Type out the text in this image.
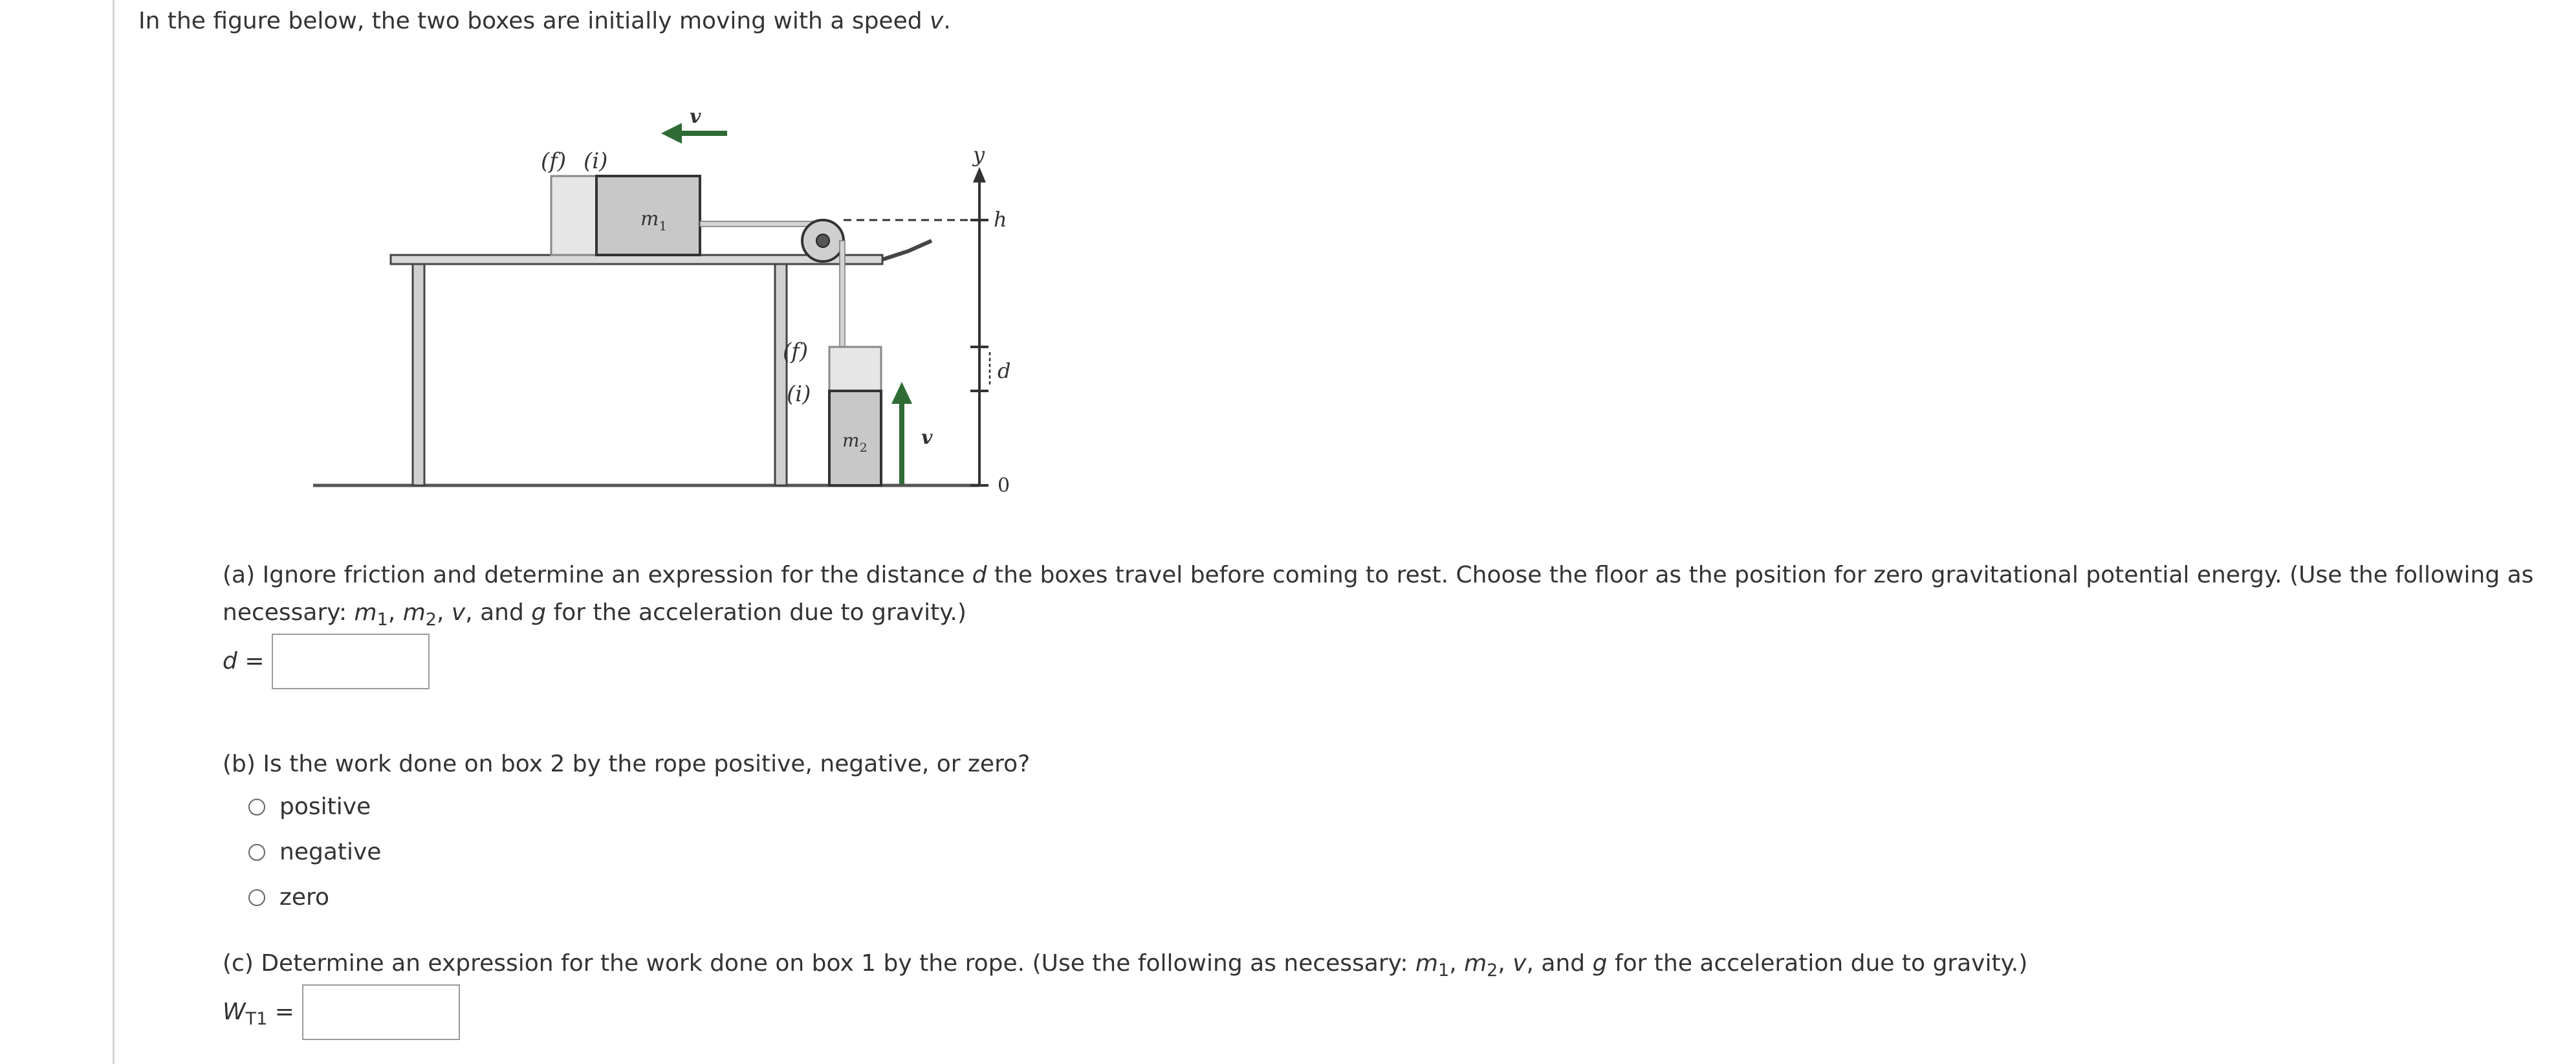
In the figure below, the two boxes are initially moving with a speed v.
$m_1$
$m_2$
(f) (i)
v
(f)
(i)
v
y
h
d
0
(a) Ignore friction and determine an expression for the distance d the boxes travel before coming to rest. Choose the floor as the position for zero gravitational potential energy. (Use the following as necessary: $m_1$, $m_2$, v, and g for the acceleration due to gravity.)
d =
(b) Is the work done on box 2 by the rope positive, negative, or zero?
positive
negative
zero
(c) Determine an expression for the work done on box 1 by the rope. (Use the following as necessary: $m_1$, $m_2$, v, and g for the acceleration due to gravity.)
$W_{T1}$ =
